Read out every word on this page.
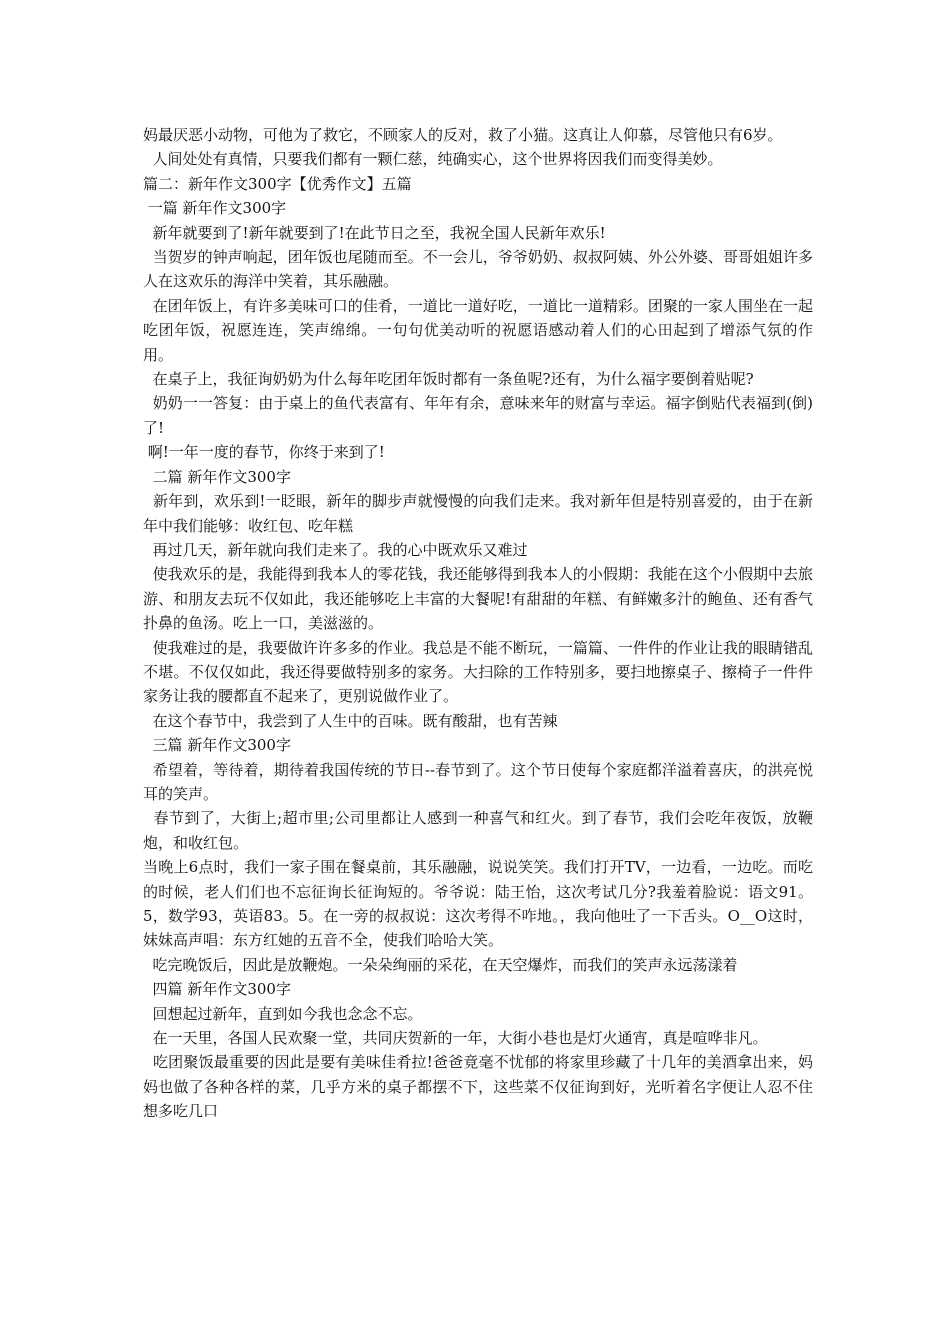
妈最厌恶小动物，可他为了救它，不顾家人的反对，救了小猫。这真让人仰慕，尽管他只有6岁。

人间处处有真情，只要我们都有一颗仁慈，纯确实心，这个世界将因我们而变得美妙。

篇二：新年作文300字【优秀作文】五篇

一篇 新年作文300字

新年就要到了!新年就要到了!在此节日之至，我祝全国人民新年欢乐!

当贺岁的钟声响起，团年饭也尾随而至。不一会儿，爷爷奶奶、叔叔阿姨、外公外婆、哥哥姐姐许多人在这欢乐的海洋中笑着，其乐融融。

在团年饭上，有许多美味可口的佳肴，一道比一道好吃，一道比一道精彩。团聚的一家人围坐在一起吃团年饭，祝愿连连，笑声绵绵。一句句优美动听的祝愿语感动着人们的心田起到了增添气氛的作用。

在桌子上，我征询奶奶为什么每年吃团年饭时都有一条鱼呢?还有，为什么福字要倒着贴呢?

奶奶一一答复：由于桌上的鱼代表富有、年年有余，意味来年的财富与幸运。福字倒贴代表福到(倒)了!

啊!一年一度的春节，你终于来到了!

二篇 新年作文300字

新年到，欢乐到!一眨眼，新年的脚步声就慢慢的向我们走来。我对新年但是特别喜爱的，由于在新年中我们能够：收红包、吃年糕

再过几天，新年就向我们走来了。我的心中既欢乐又难过

使我欢乐的是，我能得到我本人的零花钱，我还能够得到我本人的小假期：我能在这个小假期中去旅游、和朋友去玩不仅如此，我还能够吃上丰富的大餐呢!有甜甜的年糕、有鲜嫩多汁的鲍鱼、还有香气扑鼻的鱼汤。吃上一口，美滋滋的。

使我难过的是，我要做许许多多的作业。我总是不能不断玩，一篇篇、一件件的作业让我的眼睛错乱不堪。不仅仅如此，我还得要做特别多的家务。大扫除的工作特别多，要扫地擦桌子、擦椅子一件件家务让我的腰都直不起来了，更别说做作业了。

在这个春节中，我尝到了人生中的百味。既有酸甜，也有苦辣

三篇 新年作文300字

希望着，等待着，期待着我国传统的节日--春节到了。这个节日使每个家庭都洋溢着喜庆，的洪亮悦耳的笑声。

春节到了，大街上;超市里;公司里都让人感到一种喜气和红火。到了春节，我们会吃年夜饭，放鞭炮，和收红包。

当晚上6点时，我们一家子围在餐桌前，其乐融融，说说笑笑。我们打开TV，一边看，一边吃。而吃的时候，老人们们也不忘征询长征询短的。爷爷说：陆王怡，这次考试几分?我羞着脸说：语文91。5，数学93，英语83。5。在一旁的叔叔说：这次考得不咋地。，我向他吐了一下舌头。O__O这时，妹妹高声唱：东方红她的五音不全，使我们哈哈大笑。

吃完晚饭后，因此是放鞭炮。一朵朵绚丽的采花，在天空爆炸，而我们的笑声永远荡漾着

四篇 新年作文300字

回想起过新年，直到如今我也念念不忘。

在一天里，各国人民欢聚一堂，共同庆贺新的一年，大街小巷也是灯火通宵，真是喧哗非凡。

吃团聚饭最重要的因此是要有美味佳肴拉!爸爸竟毫不忧郁的将家里珍藏了十几年的美酒拿出来，妈妈也做了各种各样的菜，几乎方米的桌子都摆不下，这些菜不仅征询到好，光听着名字便让人忍不住想多吃几口
